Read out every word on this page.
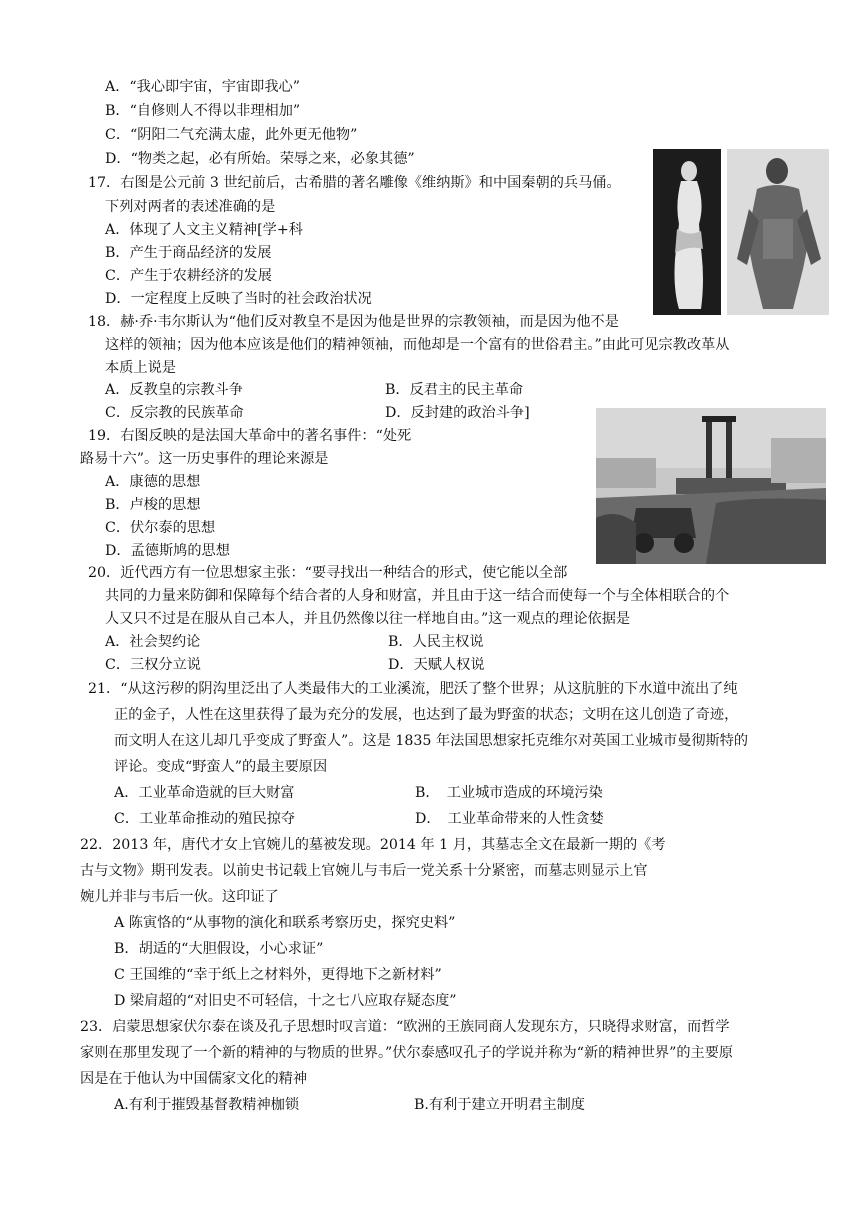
A．“我心即宇宙，宇宙即我心”
B．“自修则人不得以非理相加”
C．“阴阳二气充满太虚，此外更无他物”
D．“物类之起，必有所始。荣辱之来，必象其德”
17．右图是公元前 3 世纪前后，古希腊的著名雕像《维纳斯》和中国秦朝的兵马俑。
下列对两者的表述准确的是
A．体现了人文主义精神[学+科
B．产生于商品经济的发展
C．产生于农耕经济的发展
D．一定程度上反映了当时的社会政治状况
18．赫·乔·韦尔斯认为“他们反对教皇不是因为他是世界的宗教领袖，而是因为他不是
这样的领袖；因为他本应该是他们的精神领袖，而他却是一个富有的世俗君主。”由此可见宗教改革从
本质上说是
A．反教皇的宗教斗争	B．反君主的民主革命
C．反宗教的民族革命	D．反封建的政治斗争]
19．右图反映的是法国大革命中的著名事件：“处死
路易十六”。这一历史事件的理论来源是
A．康德的思想
B．卢梭的思想
C．伏尔泰的思想
D．孟德斯鸠的思想
20．近代西方有一位思想家主张：“要寻找出一种结合的形式，使它能以全部
共同的力量来防御和保障每个结合者的人身和财富，并且由于这一结合而使每一个与全体相联合的个
人又只不过是在服从自己本人，并且仍然像以往一样地自由。”这一观点的理论依据是
A．社会契约论	B．人民主权说
C．三权分立说	D．天赋人权说
21．“从这污秽的阴沟里泛出了人类最伟大的工业溪流，肥沃了整个世界；从这肮脏的下水道中流出了纯
正的金子，人性在这里获得了最为充分的发展，也达到了最为野蛮的状态；文明在这儿创造了奇迹，
而文明人在这儿却几乎变成了野蛮人”。这是 1835 年法国思想家托克维尔对英国工业城市曼彻斯特的
评论。变成“野蛮人”的最主要原因
A．工业革命造就的巨大财富	B．　工业城市造成的环境污染
C．工业革命推动的殖民掠夺	D．　工业革命带来的人性贪婪
22．2013 年，唐代才女上官婉儿的墓被发现。2014 年 1 月，其墓志全文在最新一期的《考
古与文物》期刊发表。以前史书记载上官婉儿与韦后一党关系十分紧密，而墓志则显示上官
婉儿并非与韦后一伙。这印证了
A 陈寅恪的“从事物的演化和联系考察历史，探究史料”
B．胡适的“大胆假设，小心求证”
C 王国维的“幸于纸上之材料外，更得地下之新材料”
D 梁肩超的“对旧史不可轻信，十之七八应取存疑态度”
23．启蒙思想家伏尔泰在谈及孔子思想时叹言道：“欧洲的王族同商人发现东方，只晓得求财富，而哲学
家则在那里发现了一个新的精神的与物质的世界。”伏尔泰感叹孔子的学说并称为“新的精神世界”的主要原
因是在于他认为中国儒家文化的精神
A.有利于摧毁基督教精神枷锁	B.有利于建立开明君主制度
